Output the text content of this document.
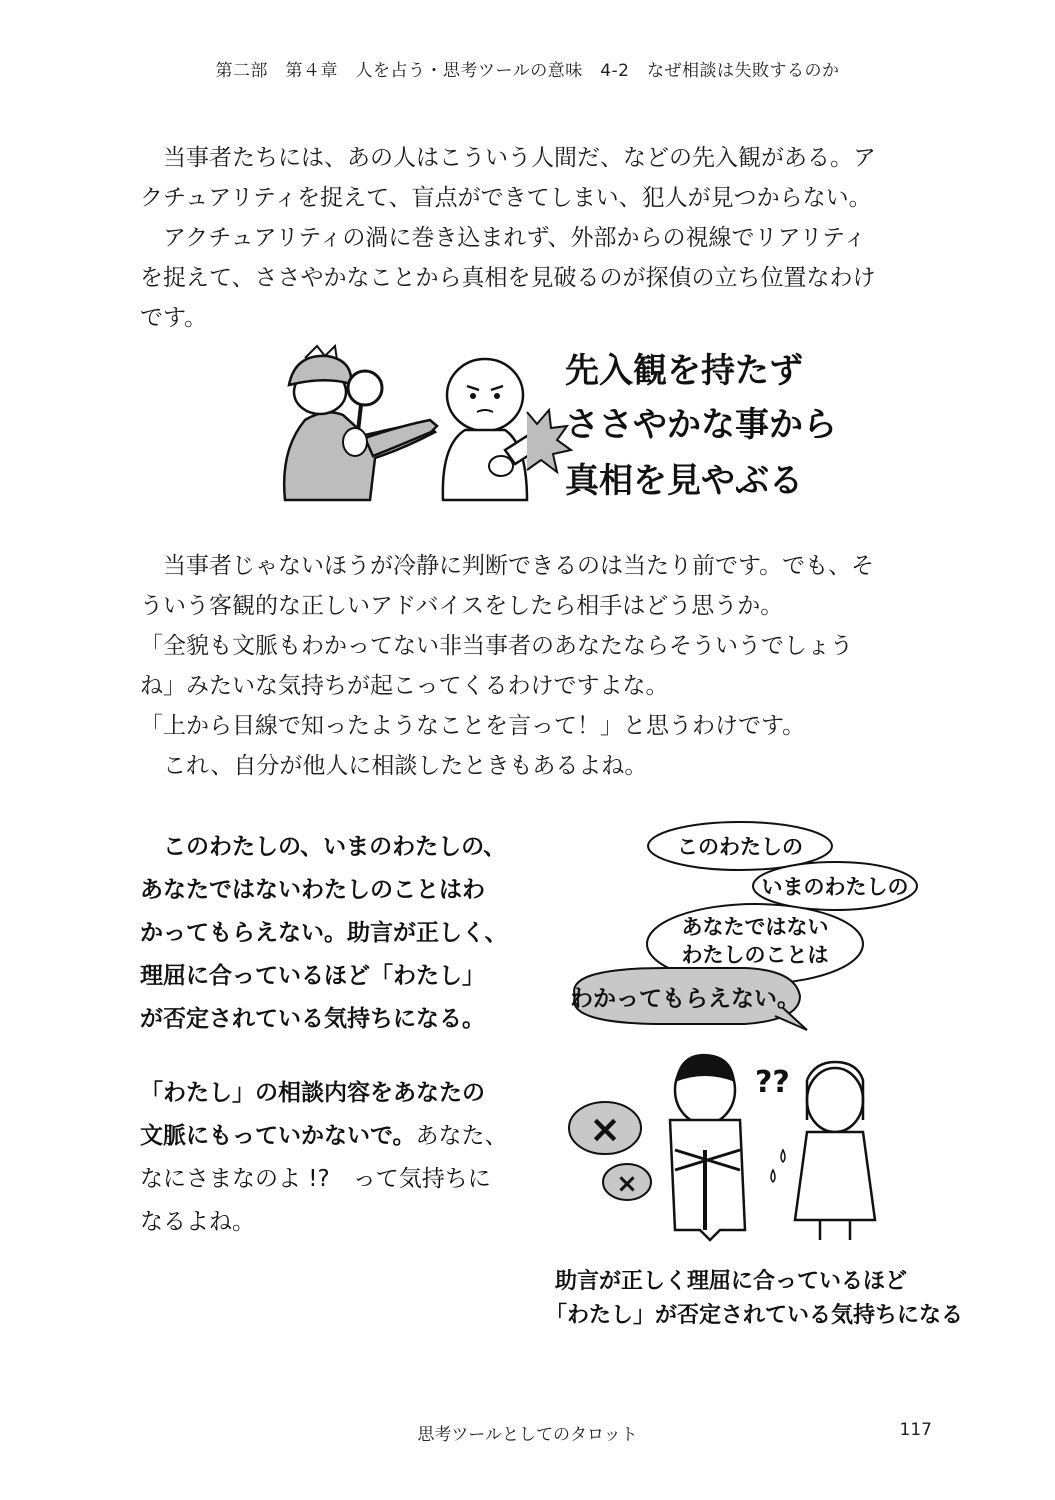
第二部　第４章　人を占う・思考ツールの意味　4-2　なぜ相談は失敗するのか

当事者たちには、あの人はこういう人間だ、などの先入観がある。ア

クチュアリティを捉えて、盲点ができてしまい、犯人が見つからない。

アクチュアリティの渦に巻き込まれず、外部からの視線でリアリティ

を捉えて、ささやかなことから真相を見破るのが探偵の立ち位置なわけ

です。

先入観を持たず
ささやかな事から
真相を見やぶる

当事者じゃないほうが冷静に判断できるのは当たり前です。でも、そ

ういう客観的な正しいアドバイスをしたら相手はどう思うか。

「全貌も文脈もわかってない非当事者のあなたならそういうでしょう

ね」みたいな気持ちが起こってくるわけですよな。

「上から目線で知ったようなことを言って！」と思うわけです。

これ、自分が他人に相談したときもあるよね。

このわたしの、いまのわたしの、

あなたではないわたしのことはわ

かってもらえない。助言が正しく、

理屈に合っているほど「わたし」

が否定されている気持ちになる。

「わたし」の相談内容をあなたの

文脈にもっていかないで。あなた、

なにさまなのよ !?　って気持ちに

なるよね。

このわたしの
いまのわたしの
あなたではない
わたしのことは
わかってもらえない。
×
×
??
助言が正しく理屈に合っているほど
「わたし」が否定されている気持ちになる
思考ツールとしてのタロット	117
